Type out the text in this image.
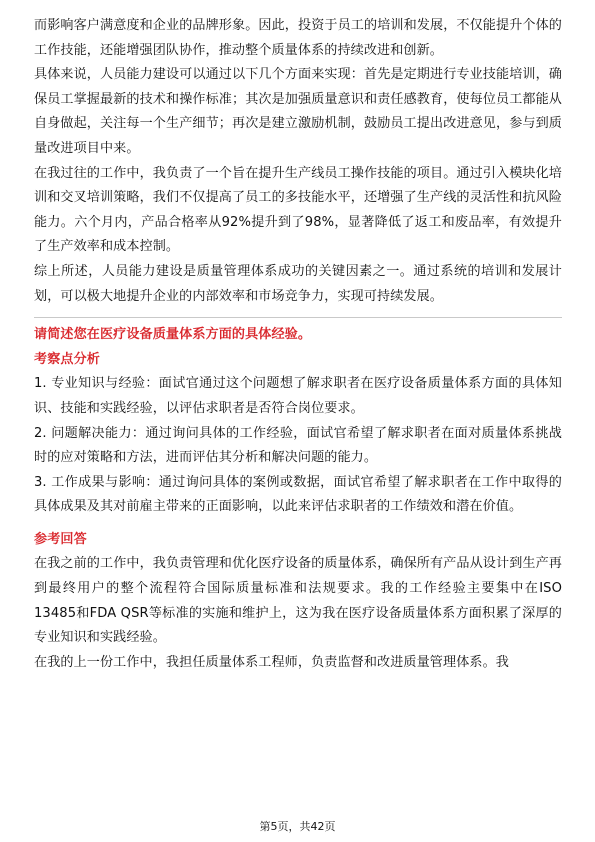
而影响客户满意度和企业的品牌形象。因此，投资于员工的培训和发展，不仅能提升个体的工作技能，还能增强团队协作，推动整个质量体系的持续改进和创新。

具体来说，人员能力建设可以通过以下几个方面来实现：首先是定期进行专业技能培训，确保员工掌握最新的技术和操作标准；其次是加强质量意识和责任感教育，使每位员工都能从自身做起，关注每一个生产细节；再次是建立激励机制，鼓励员工提出改进意见，参与到质量改进项目中来。

在我过往的工作中，我负责了一个旨在提升生产线员工操作技能的项目。通过引入模块化培训和交叉培训策略，我们不仅提高了员工的多技能水平，还增强了生产线的灵活性和抗风险能力。六个月内，产品合格率从92%提升到了98%，显著降低了返工和废品率，有效提升了生产效率和成本控制。

综上所述，人员能力建设是质量管理体系成功的关键因素之一。通过系统的培训和发展计划，可以极大地提升企业的内部效率和市场竞争力，实现可持续发展。

请简述您在医疗设备质量体系方面的具体经验。

考察点分析

1. 专业知识与经验：面试官通过这个问题想了解求职者在医疗设备质量体系方面的具体知识、技能和实践经验，以评估求职者是否符合岗位要求。

2. 问题解决能力：通过询问具体的工作经验，面试官希望了解求职者在面对质量体系挑战时的应对策略和方法，进而评估其分析和解决问题的能力。

3. 工作成果与影响：通过询问具体的案例或数据，面试官希望了解求职者在工作中取得的具体成果及其对前雇主带来的正面影响，以此来评估求职者的工作绩效和潜在价值。

参考回答

在我之前的工作中，我负责管理和优化医疗设备的质量体系，确保所有产品从设计到生产再到最终用户的整个流程符合国际质量标准和法规要求。我的工作经验主要集中在ISO 13485和FDA QSR等标准的实施和维护上，这为我在医疗设备质量体系方面积累了深厚的专业知识和实践经验。

在我的上一份工作中，我担任质量体系工程师，负责监督和改进质量管理体系。我

第5页，共42页
